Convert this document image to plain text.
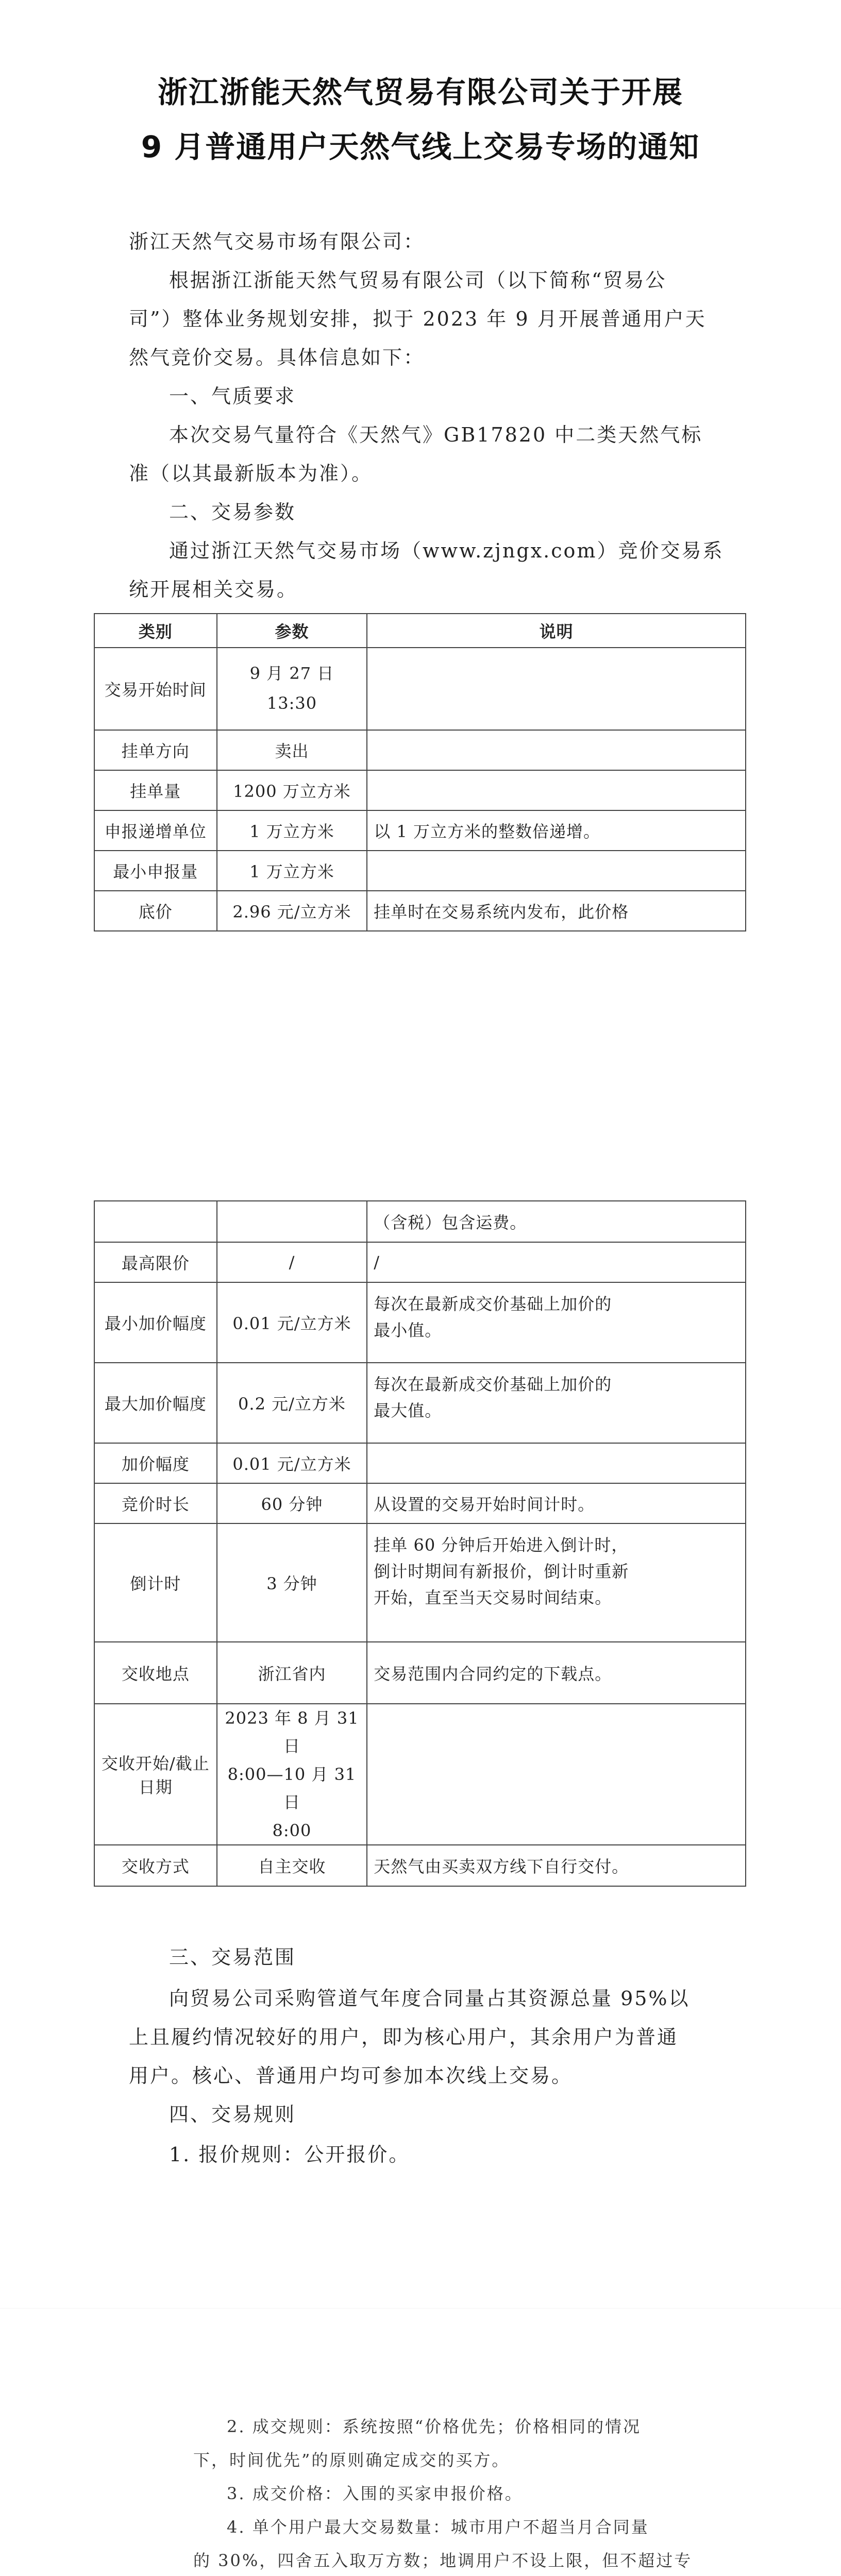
浙江浙能天然气贸易有限公司关于开展
9 月普通用户天然气线上交易专场的通知
浙江天然气交易市场有限公司：
根据浙江浙能天然气贸易有限公司（以下简称“贸易公
司”）整体业务规划安排，拟于 2023 年 9 月开展普通用户天
然气竞价交易。具体信息如下：
一、气质要求
本次交易气量符合《天然气》GB17820 中二类天然气标
准（以其最新版本为准）。
二、交易参数
通过浙江天然气交易市场（www.zjngx.com）竞价交易系
统开展相关交易。
类别	参数	说明
交易开始时间	9 月 27 日
13:30	

挂单方向	卖出	
挂单量	1200 万立方米	
申报递增单位	1 万立方米	以 1 万立方米的整数倍递增。
最小申报量	1 万立方米	
底价	2.96 元/立方米	挂单时在交易系统内发布，此价格
		（含税）包含运费。
最高限价	/	/
最小加价幅度	0.01 元/立方米	每次在最新成交价基础上加价的
最小值。

最大加价幅度	0.2 元/立方米	每次在最新成交价基础上加价的
最大值。

加价幅度	0.01 元/立方米	
竞价时长	60 分钟	从设置的交易开始时间计时。
倒计时	3 分钟	挂单 60 分钟后开始进入倒计时，
倒计时期间有新报价，倒计时重新
开始，直至当天交易时间结束。

交收地点	浙江省内	交易范围内合同约定的下载点。
交收开始/截止日期	2023 年 8 月 31 日
8:00—10 月 31 日
8:00	

交收方式	自主交收	天然气由买卖双方线下自行交付。
三、交易范围
向贸易公司采购管道气年度合同量占其资源总量 95%以
上且履约情况较好的用户，即为核心用户，其余用户为普通
用户。核心、普通用户均可参加本次线上交易。
四、交易规则
1. 报价规则：公开报价。
2. 成交规则：系统按照“价格优先；价格相同的情况
下，时间优先”的原则确定成交的买方。
3. 成交价格：入围的买家申报价格。
4. 单个用户最大交易数量：城市用户不超当月合同量
的 30%，四舍五入取万方数；地调用户不设上限，但不超过专
